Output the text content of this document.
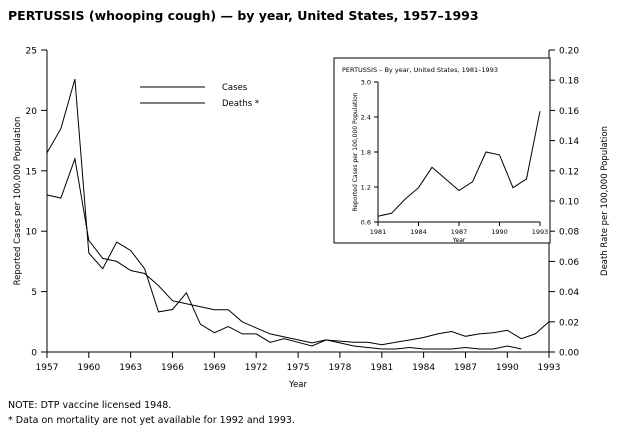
PERTUSSIS (whooping cough) — by year, United States, 1957–1993
0
5
10
15
20
25
0.00
0.02
0.04
0.06
0.08
0.10
0.12
0.14
0.16
0.18
0.20
1957 1960 1963 1966 1969 1972 1975 1978 1981 1984 1987 1990 1993
Year
Reported Cases per 100,000 Population	Death Rate per 100,000 Population
Cases
Deaths *
PERTUSSIS – By year, United States, 1981–1993
0.6
1.2
1.8
2.4
3.0
1981	1984	1987	1990	1993
Year
Reported Cases per 100,000 Population
NOTE: DTP vaccine licensed 1948.
* Data on mortality are not yet available for 1992 and 1993.
